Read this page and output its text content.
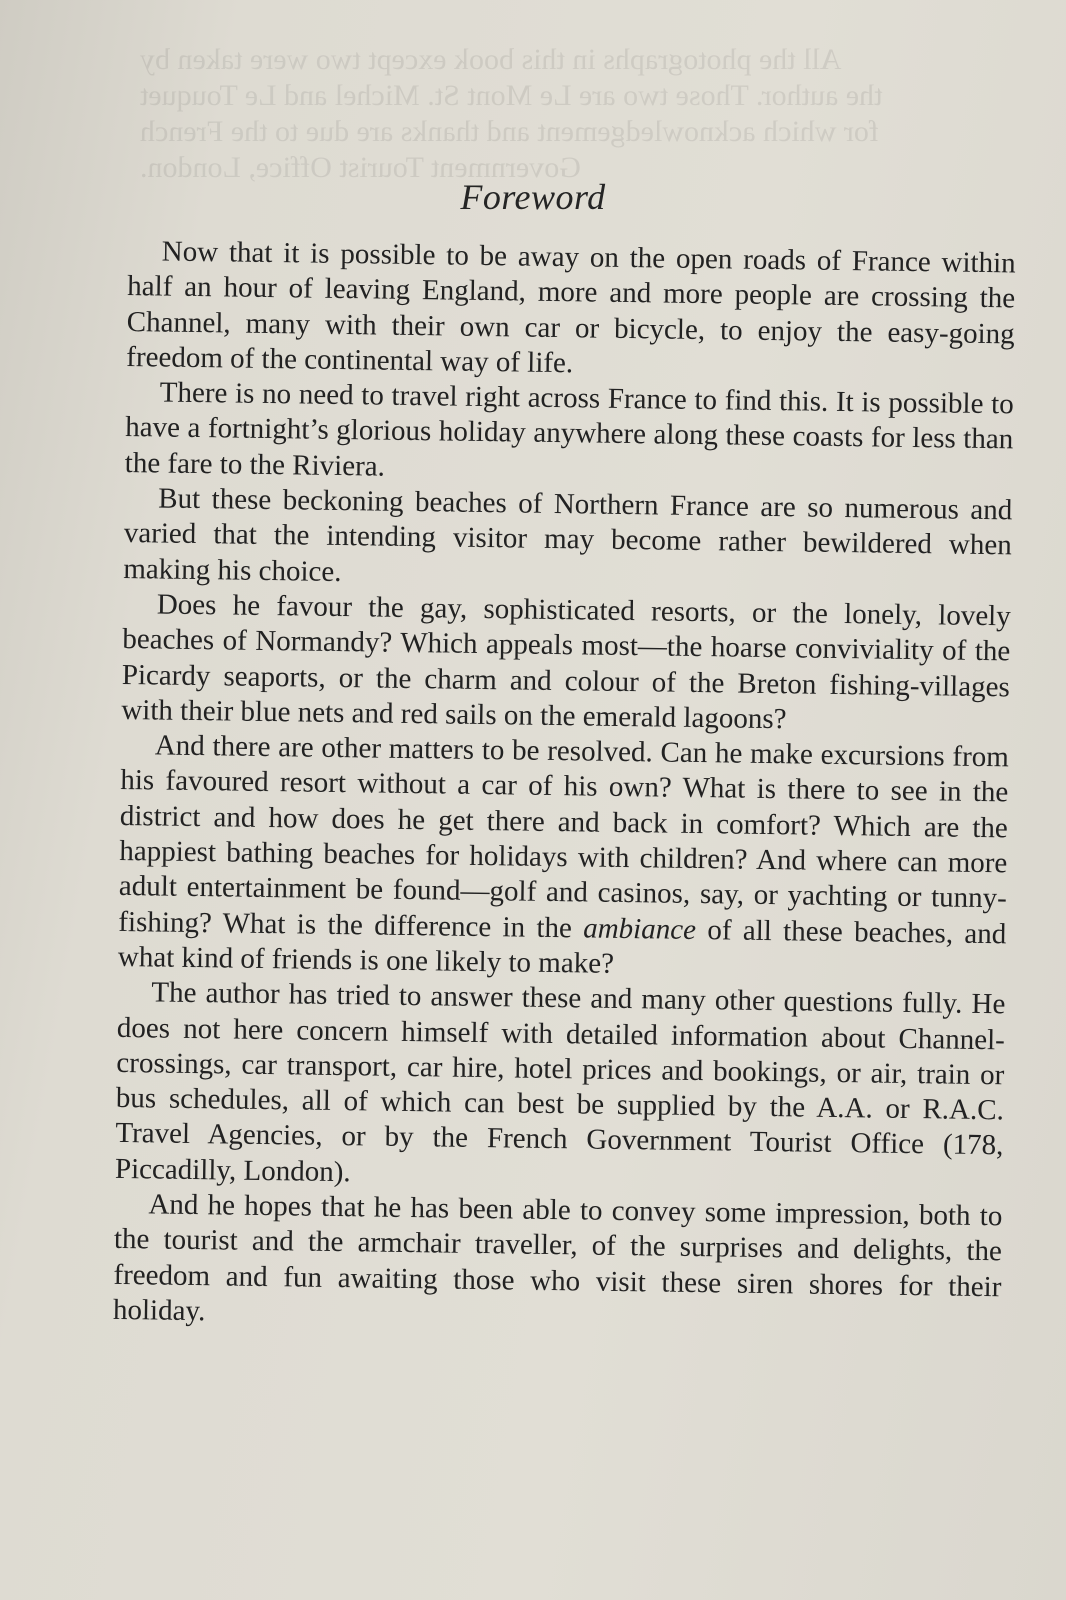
All the photographs in this book except two were taken by
the author. Those two are Le Mont St. Michel and Le Touquet
for which acknowledgement and thanks are due to the French
Government Tourist Office, London.
Foreword

Now that it is possible to be away on the open roads of France within half an hour of leaving England, more and more people are crossing the Channel, many with their own car or bicycle, to enjoy the easy-going freedom of the continental way of life.

There is no need to travel right across France to find this. It is possible to have a fortnight’s glorious holiday anywhere along these coasts for less than the fare to the Riviera.

But these beckoning beaches of Northern France are so numerous and varied that the intending visitor may become rather bewildered when making his choice.

Does he favour the gay, sophisticated resorts, or the lonely, lovely beaches of Normandy? Which appeals most—the hoarse conviviality of the Picardy seaports, or the charm and colour of the Breton fishing-villages with their blue nets and red sails on the emerald lagoons?

And there are other matters to be resolved. Can he make excursions from his favoured resort without a car of his own? What is there to see in the district and how does he get there and back in comfort? Which are the happiest bathing beaches for holidays with children? And where can more adult entertainment be found—golf and casinos, say, or yachting or tunny-fishing? What is the difference in the ambiance of all these beaches, and what kind of friends is one likely to make?

The author has tried to answer these and many other questions fully. He does not here concern himself with detailed information about Channel-crossings, car transport, car hire, hotel prices and bookings, or air, train or bus schedules, all of which can best be supplied by the A.A. or R.A.C. Travel Agencies, or by the French Government Tourist Office (178, Piccadilly, London).

And he hopes that he has been able to convey some impression, both to the tourist and the armchair traveller, of the surprises and delights, the freedom and fun awaiting those who visit these siren shores for their holiday.
